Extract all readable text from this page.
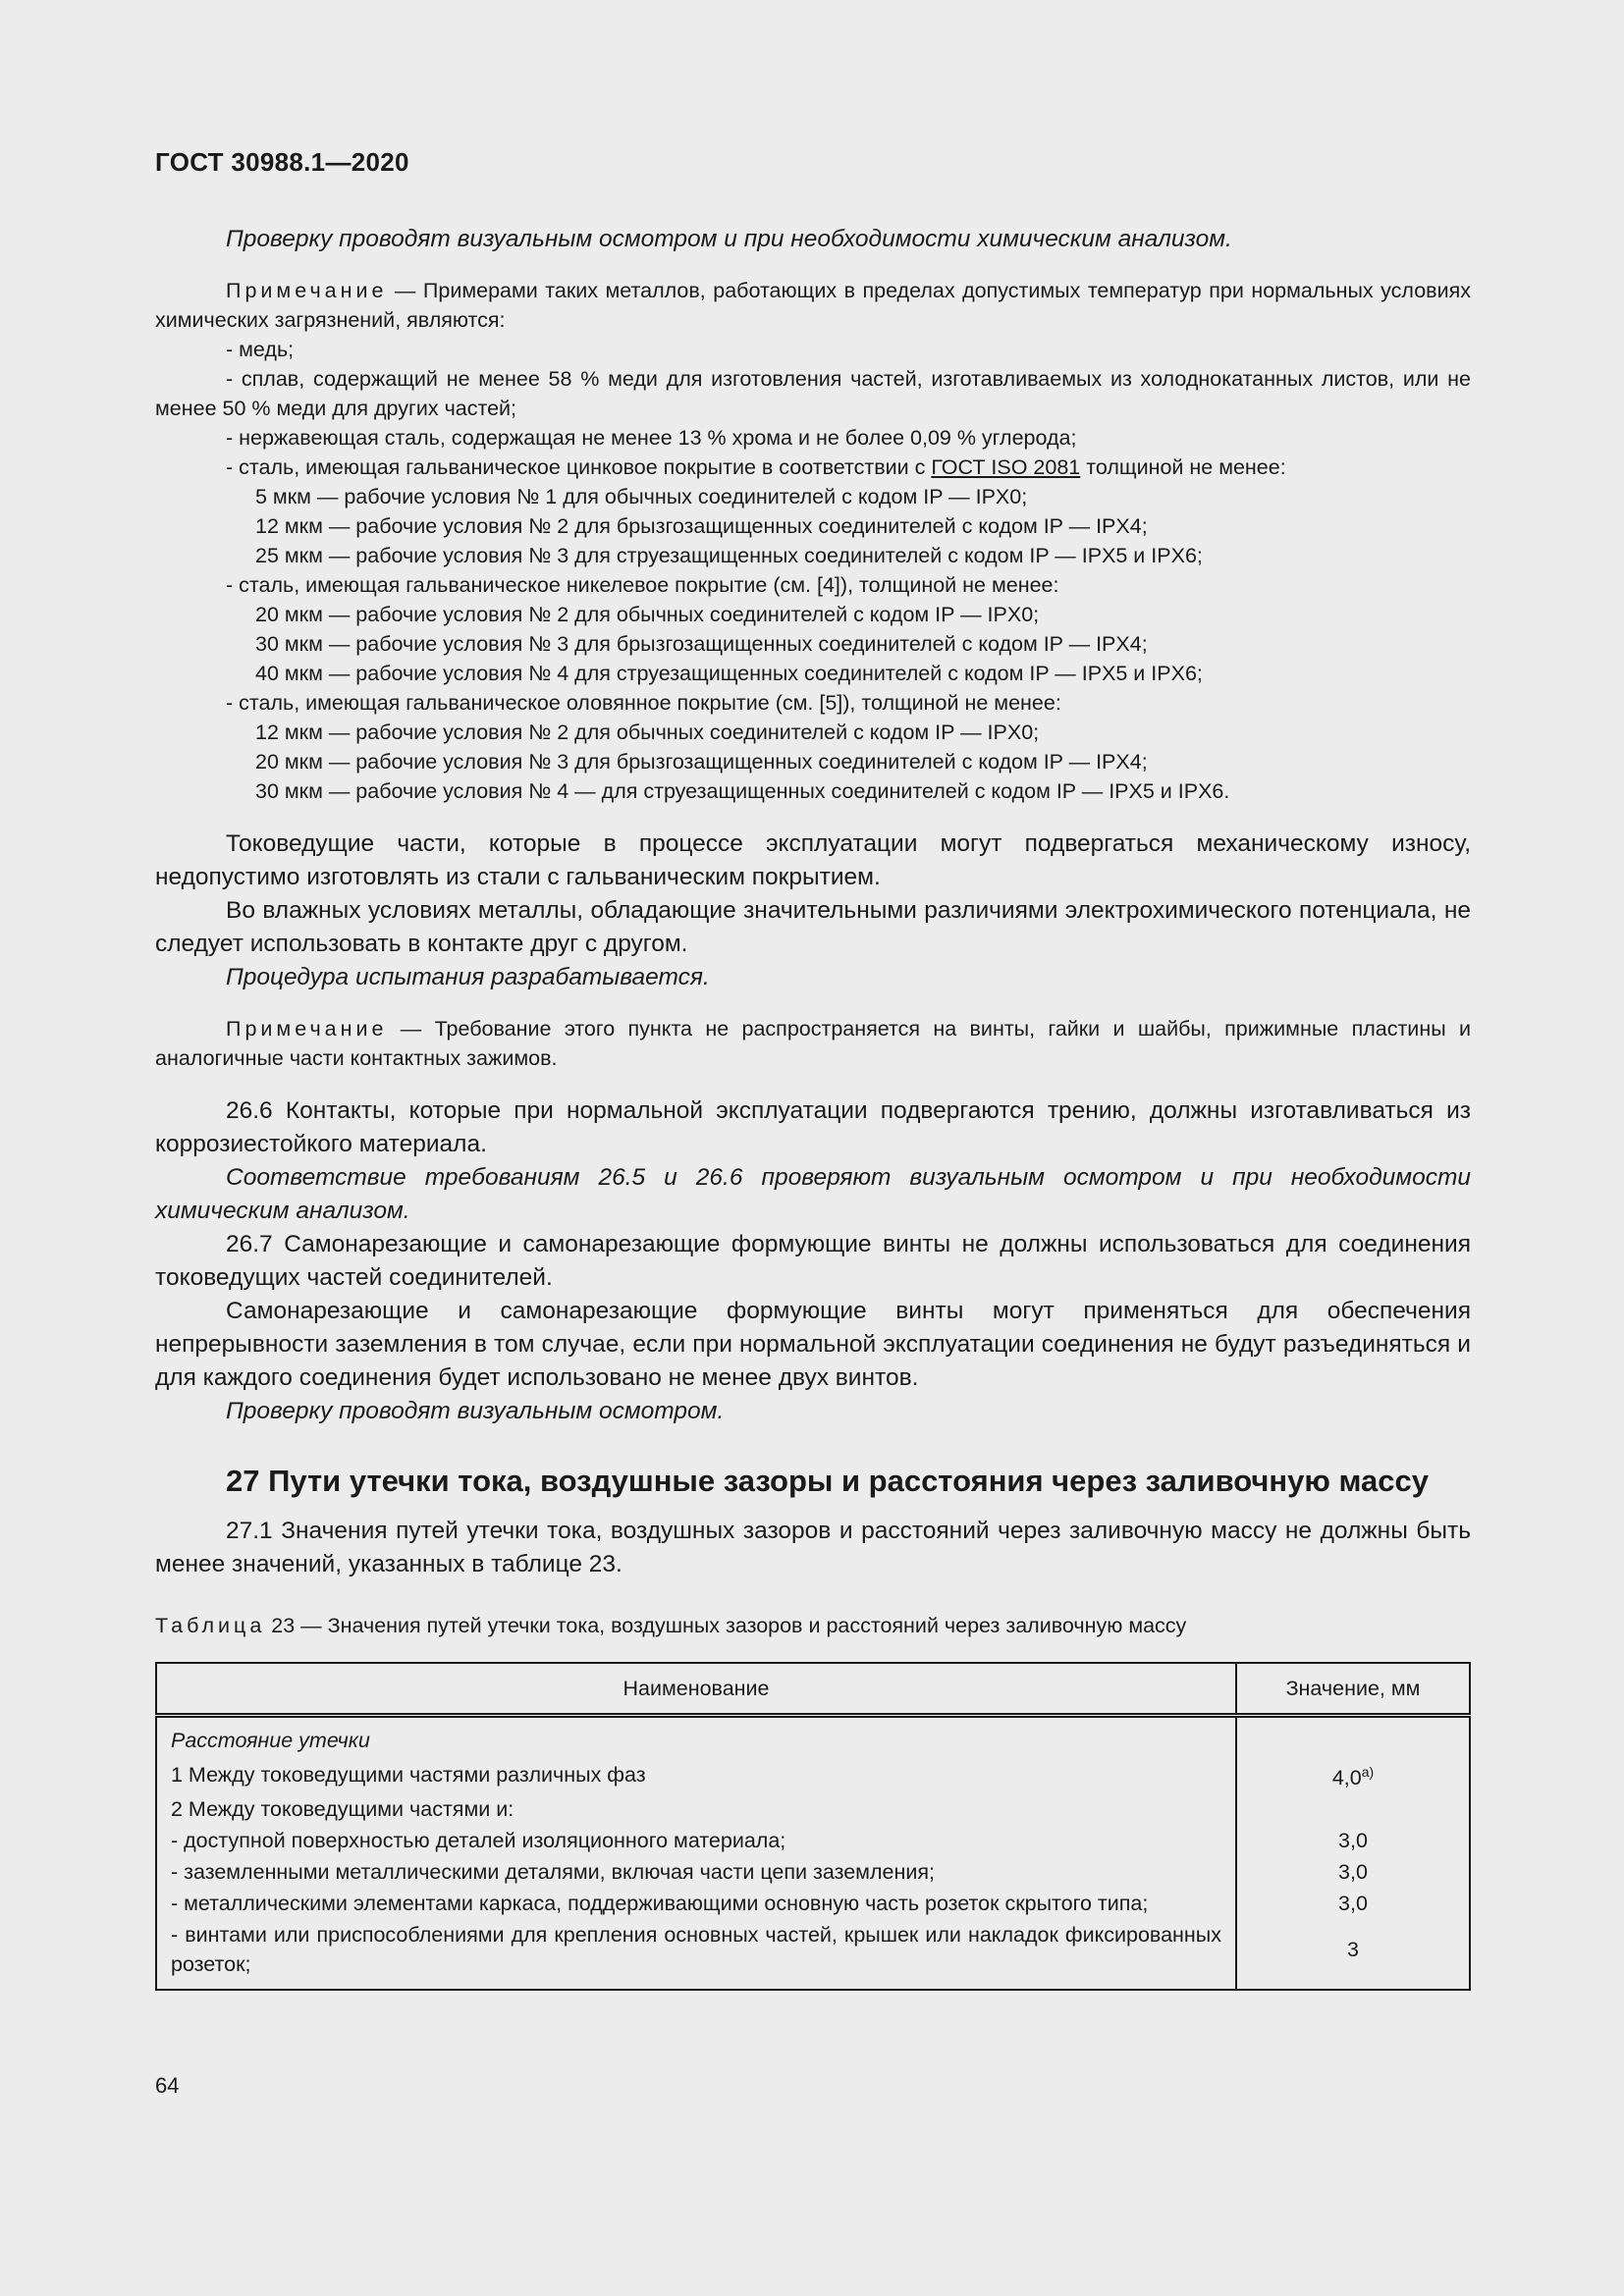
ГОСТ 30988.1—2020

Проверку проводят визуальным осмотром и при необходимости химическим анализом.

Примечание — Примерами таких металлов, работающих в пределах допустимых температур при нормальных условиях химических загрязнений, являются:
- медь;
- сплав, содержащий не менее 58 % меди для изготовления частей, изготавливаемых из холоднокатанных листов, или не менее 50 % меди для других частей;
- нержавеющая сталь, содержащая не менее 13 % хрома и не более 0,09 % углерода;
- сталь, имеющая гальваническое цинковое покрытие в соответствии с ГОСТ ISO 2081 толщиной не менее:
5 мкм — рабочие условия № 1 для обычных соединителей с кодом IP — IPX0;
12 мкм — рабочие условия № 2 для брызгозащищенных соединителей с кодом IP — IPX4;
25 мкм — рабочие условия № 3 для струезащищенных соединителей с кодом IP — IPX5 и IPX6;
- сталь, имеющая гальваническое никелевое покрытие (см. [4]), толщиной не менее:
20 мкм — рабочие условия № 2 для обычных соединителей с кодом IP — IPX0;
30 мкм — рабочие условия № 3 для брызгозащищенных соединителей с кодом IP — IPX4;
40 мкм — рабочие условия № 4 для струезащищенных соединителей с кодом IP — IPX5 и IPX6;
- сталь, имеющая гальваническое оловянное покрытие (см. [5]), толщиной не менее:
12 мкм — рабочие условия № 2 для обычных соединителей с кодом IP — IPX0;
20 мкм — рабочие условия № 3 для брызгозащищенных соединителей с кодом IP — IPX4;
30 мкм — рабочие условия № 4 — для струезащищенных соединителей с кодом IP — IPX5 и IPX6.

Токоведущие части, которые в процессе эксплуатации могут подвергаться механическому износу, недопустимо изготовлять из стали с гальваническим покрытием.

Во влажных условиях металлы, обладающие значительными различиями электрохимического потенциала, не следует использовать в контакте друг с другом.

Процедура испытания разрабатывается.

Примечание — Требование этого пункта не распространяется на винты, гайки и шайбы, прижимные пластины и аналогичные части контактных зажимов.

26.6 Контакты, которые при нормальной эксплуатации подвергаются трению, должны изготавливаться из коррозиестойкого материала.

Соответствие требованиям 26.5 и 26.6 проверяют визуальным осмотром и при необходимости химическим анализом.

26.7 Самонарезающие и самонарезающие формующие винты не должны использоваться для соединения токоведущих частей соединителей.

Самонарезающие и самонарезающие формующие винты могут применяться для обеспечения непрерывности заземления в том случае, если при нормальной эксплуатации соединения не будут разъединяться и для каждого соединения будет использовано не менее двух винтов.

Проверку проводят визуальным осмотром.

27 Пути утечки тока, воздушные зазоры и расстояния через заливочную массу

27.1 Значения путей утечки тока, воздушных зазоров и расстояний через заливочную массу не должны быть менее значений, указанных в таблице 23.

Таблица 23 — Значения путей утечки тока, воздушных зазоров и расстояний через заливочную массу
Наименование	Значение, мм
Расстояние утечки	
1 Между токоведущими частями различных фаз	$4,0^{а)}$
2 Между токоведущими частями и:	
- доступной поверхностью деталей изоляционного материала;	3,0
- заземленными металлическими деталями, включая части цепи заземления;	3,0
- металлическими элементами каркаса, поддерживающими основную часть розеток скрытого типа;	3,0
- винтами или приспособлениями для крепления основных частей, крышек или накладок фиксированных розеток;	3
64
